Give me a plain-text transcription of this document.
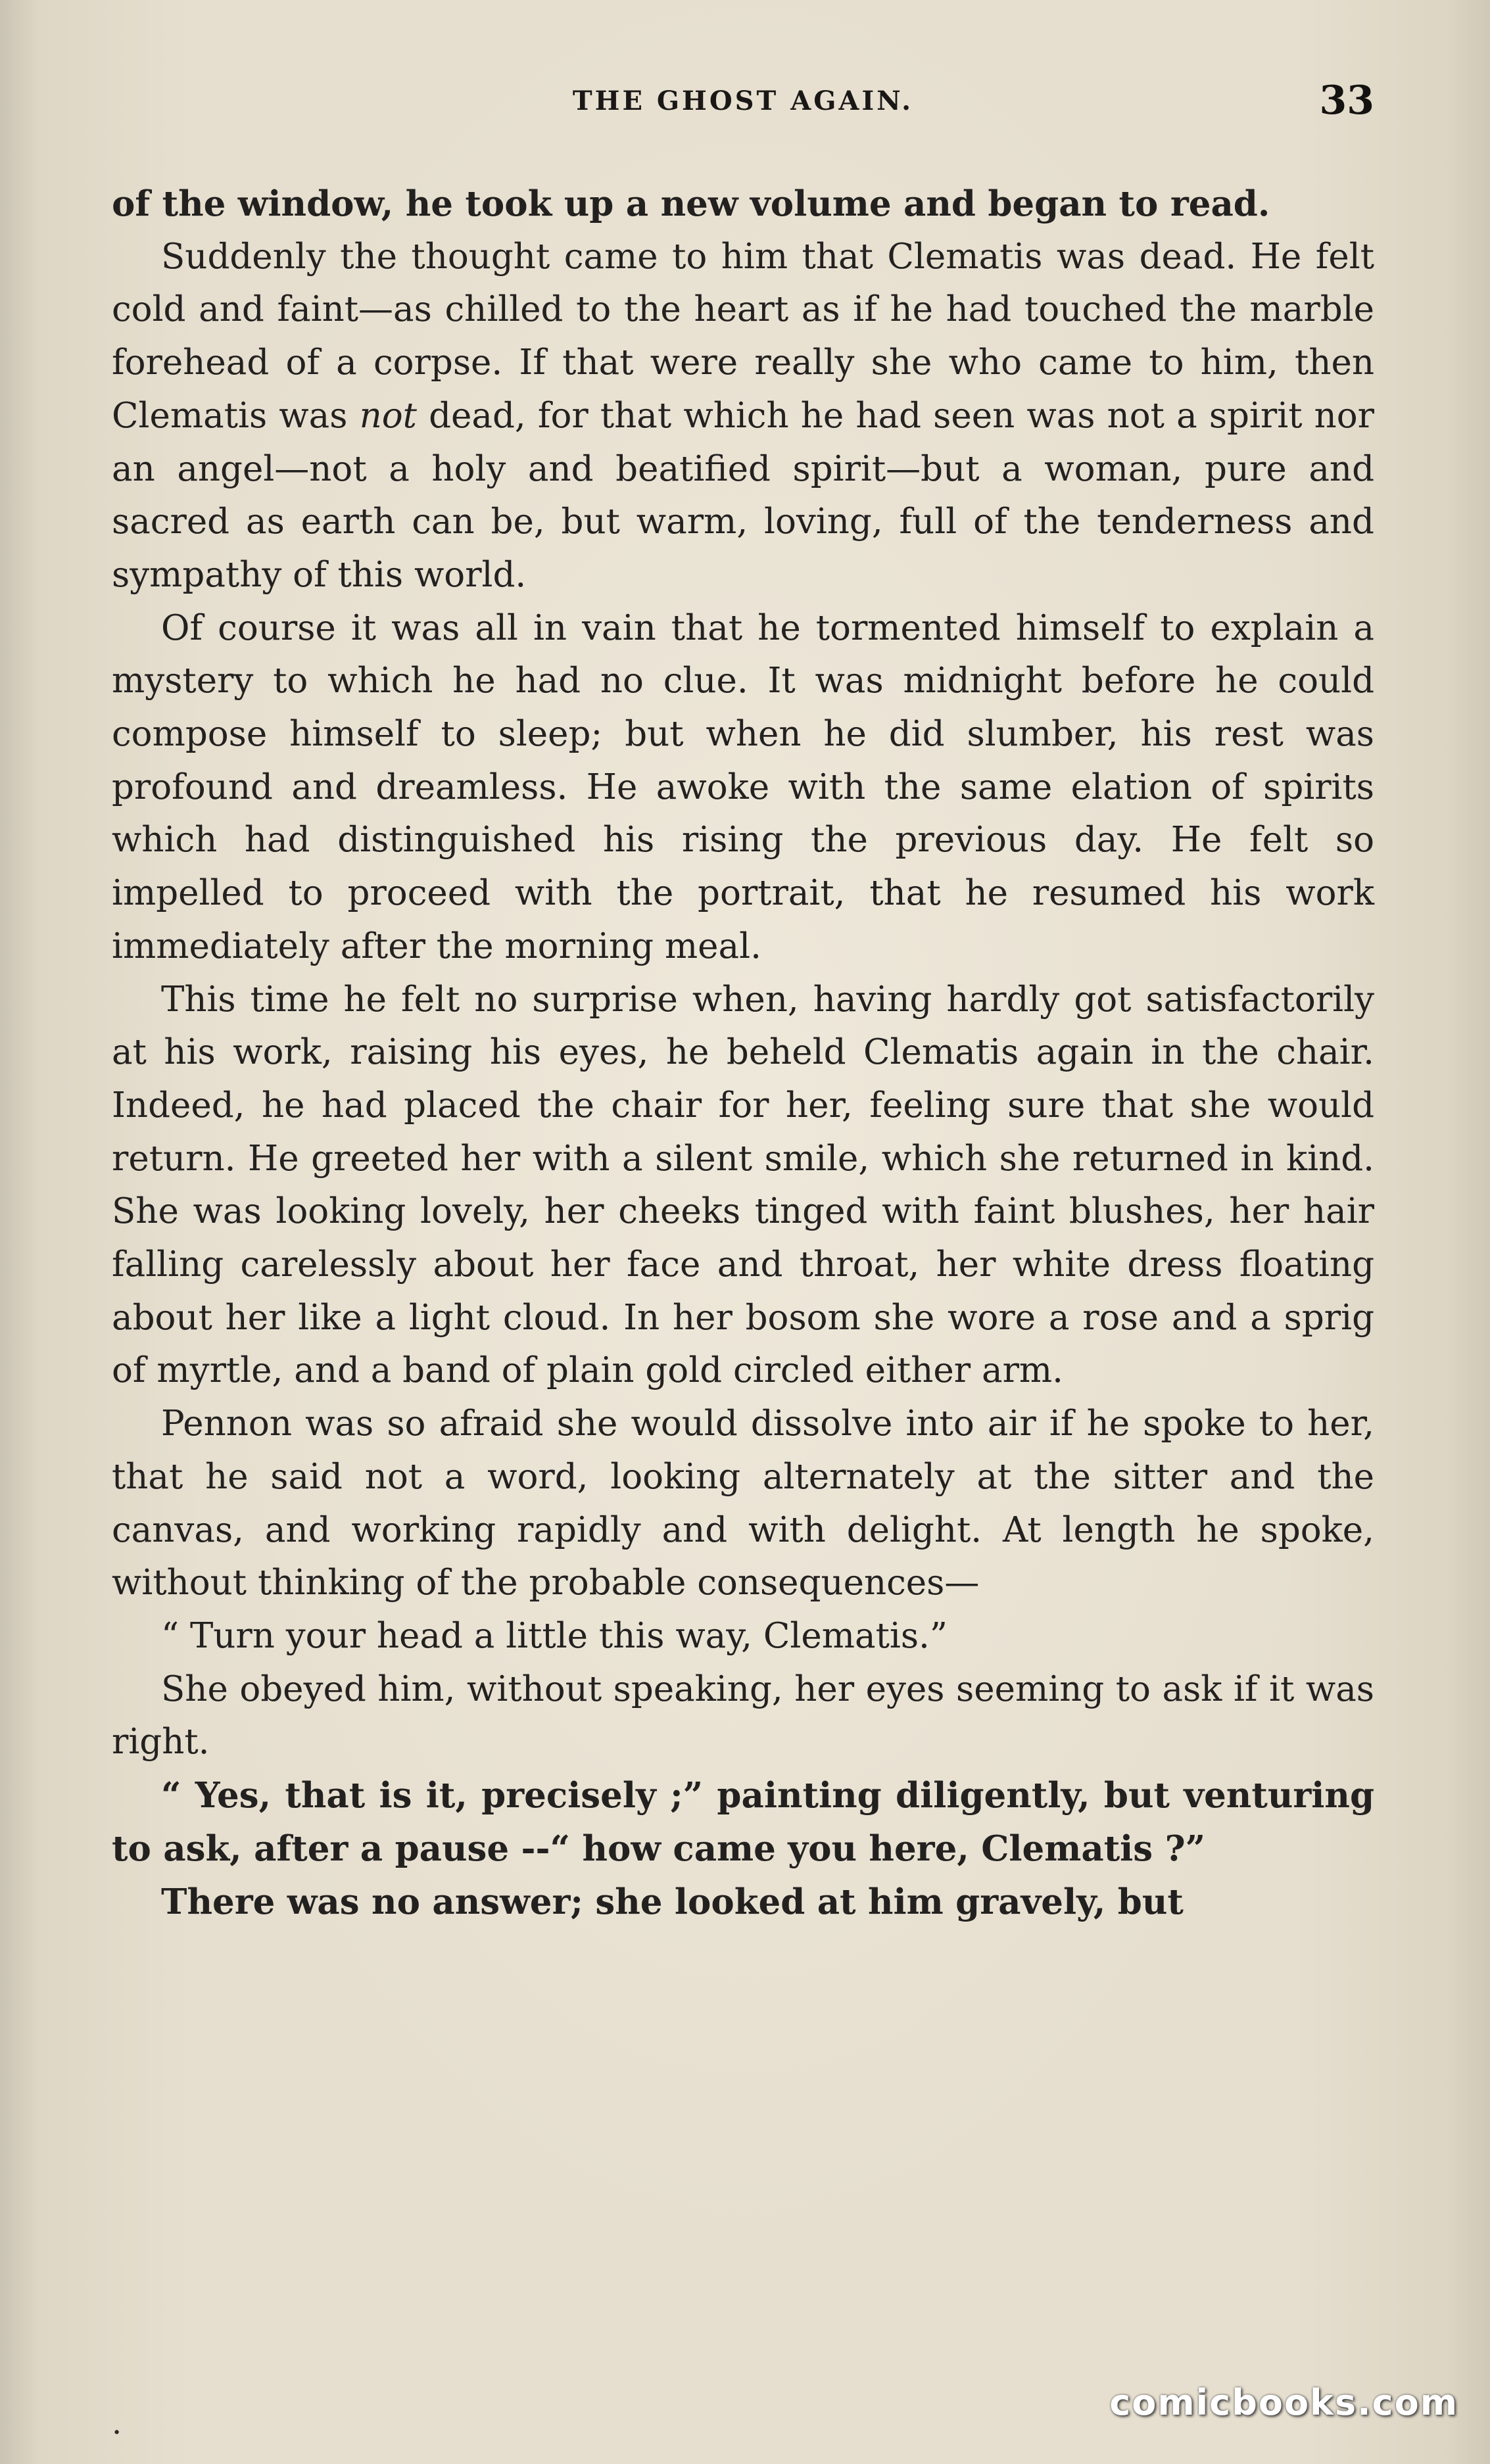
THE GHOST AGAIN.	33

of the window, he took up a new volume and began to read.

Suddenly the thought came to him that Clematis was dead. He felt cold and faint—as chilled to the heart as if he had touched the marble forehead of a corpse. If that were really she who came to him, then Clematis was not dead, for that which he had seen was not a spirit nor an angel—not a holy and beatified spirit—but a woman, pure and sacred as earth can be, but warm, loving, full of the tenderness and sympathy of this world.

Of course it was all in vain that he tormented himself to explain a mystery to which he had no clue. It was midnight before he could compose himself to sleep; but when he did slumber, his rest was profound and dreamless. He awoke with the same elation of spirits which had distinguished his rising the previous day. He felt so impelled to proceed with the portrait, that he resumed his work immediately after the morning meal.

This time he felt no surprise when, having hardly got satisfactorily at his work, raising his eyes, he beheld Clematis again in the chair. Indeed, he had placed the chair for her, feeling sure that she would return. He greeted her with a silent smile, which she returned in kind. She was looking lovely, her cheeks tinged with faint blushes, her hair falling carelessly about her face and throat, her white dress floating about her like a light cloud. In her bosom she wore a rose and a sprig of myrtle, and a band of plain gold circled either arm.

Pennon was so afraid she would dissolve into air if he spoke to her, that he said not a word, looking alternately at the sitter and the canvas, and working rapidly and with delight. At length he spoke, without thinking of the probable consequences—

“ Turn your head a little this way, Clematis.”

She obeyed him, without speaking, her eyes seeming to ask if it was right.

“ Yes, that is it, precisely ;” painting diligently, but venturing to ask, after a pause --“ how came you here, Clematis ?”

There was no answer; she looked at him gravely, but

·
comicbooks.com
